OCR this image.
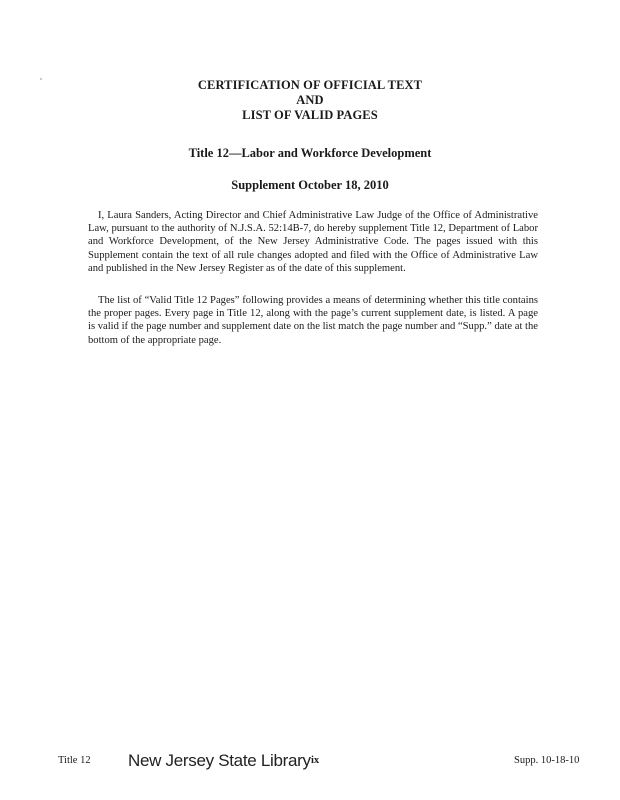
CERTIFICATION OF OFFICIAL TEXT
AND
LIST OF VALID PAGES
Title 12—Labor and Workforce Development
Supplement October 18, 2010

I, Laura Sanders, Acting Director and Chief Administrative Law Judge of the Office of Administrative Law, pursuant to the authority of N.J.S.A. 52:14B-7, do hereby supplement Title 12, Department of Labor and Workforce Development, of the New Jersey Administrative Code. The pages issued with this Supplement contain the text of all rule changes adopted and filed with the Office of Administrative Law and published in the New Jersey Register as of the date of this supplement.

The list of “Valid Title 12 Pages” following provides a means of determining whether this title contains the proper pages. Every page in Title 12, along with the page’s current supplement date, is listed. A page is valid if the page number and supplement date on the list match the page number and “Supp.” date at the bottom of the appropriate page.

Title 12 New Jersey State Library ix	Supp. 10-18-10
